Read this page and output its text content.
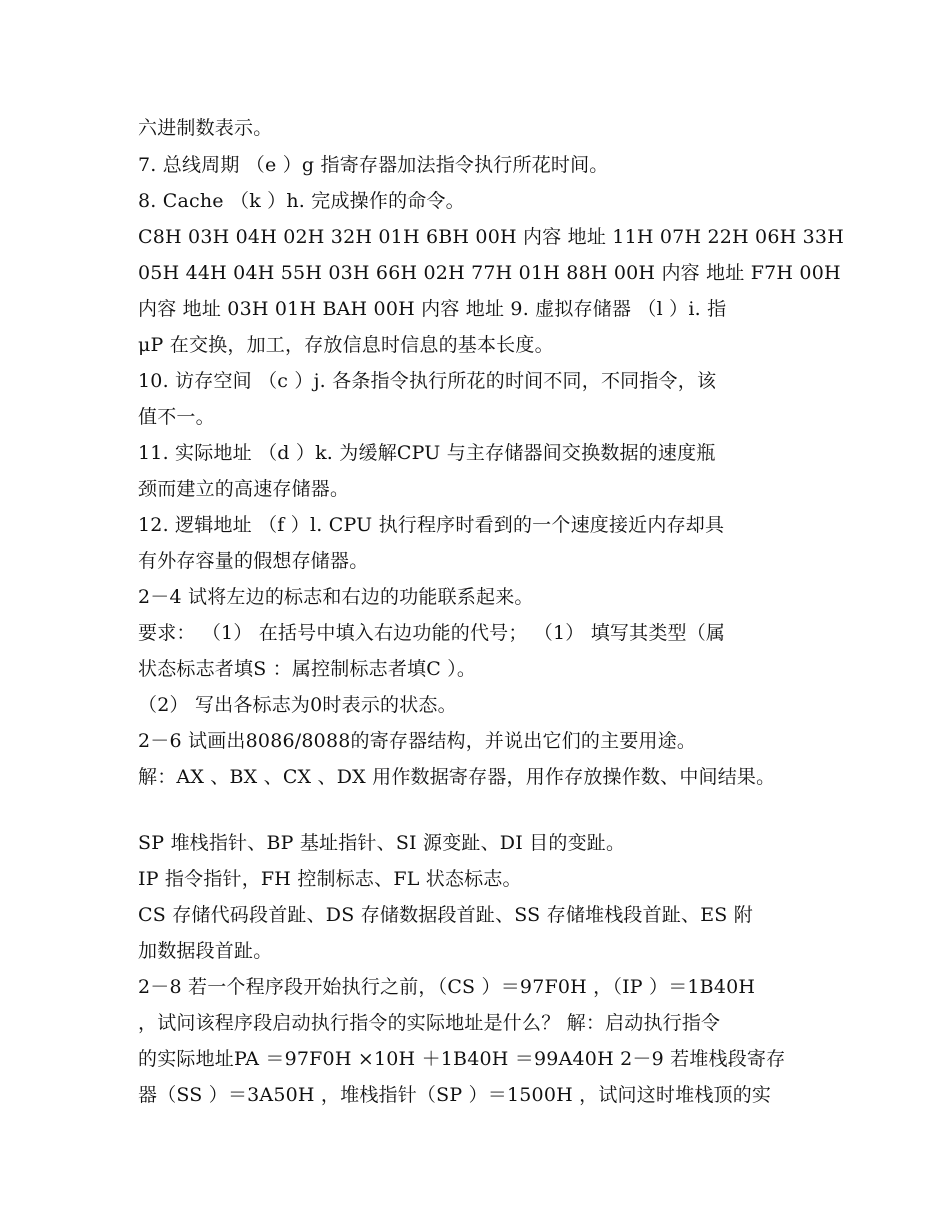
六进制数表示。
7. 总线周期 （e ）g 指寄存器加法指令执行所花时间。
8. Cache （k ）h. 完成操作的命令。
C8H 03H 04H 02H 32H 01H 6BH 00H 内容 地址 11H 07H 22H 06H 33H
05H 44H 04H 55H 03H 66H 02H 77H 01H 88H 00H 内容 地址 F7H 00H
内容 地址 03H 01H BAH 00H 内容 地址 9. 虚拟存储器 （l ）i. 指
μP 在交换，加工，存放信息时信息的基本长度。
10. 访存空间 （c ）j. 各条指令执行所花的时间不同，不同指令，该
值不一。
11. 实际地址 （d ）k. 为缓解CPU 与主存储器间交换数据的速度瓶
颈而建立的高速存储器。
12. 逻辑地址 （f ）l. CPU 执行程序时看到的一个速度接近内存却具
有外存容量的假想存储器。
2－4 试将左边的标志和右边的功能联系起来。
要求： （1） 在括号中填入右边功能的代号； （1） 填写其类型（属
状态标志者填S ：属控制标志者填C ）。
（2） 写出各标志为0时表示的状态。
2－6 试画出8086/8088的寄存器结构，并说出它们的主要用途。
解：AX 、BX 、CX 、DX 用作数据寄存器，用作存放操作数、中间结果。
SP 堆栈指针、BP 基址指针、SI 源变趾、DI 目的变趾。
IP 指令指针，FH 控制标志、FL 状态标志。
CS 存储代码段首趾、DS 存储数据段首趾、SS 存储堆栈段首趾、ES 附
加数据段首趾。
2－8 若一个程序段开始执行之前，（CS ）＝97F0H ，（IP ）＝1B40H
，试问该程序段启动执行指令的实际地址是什么？ 解：启动执行指令
的实际地址PA ＝97F0H ×10H ＋1B40H ＝99A40H 2－9 若堆栈段寄存
器（SS ）＝3A50H ，堆栈指针（SP ）＝1500H ，试问这时堆栈顶的实
